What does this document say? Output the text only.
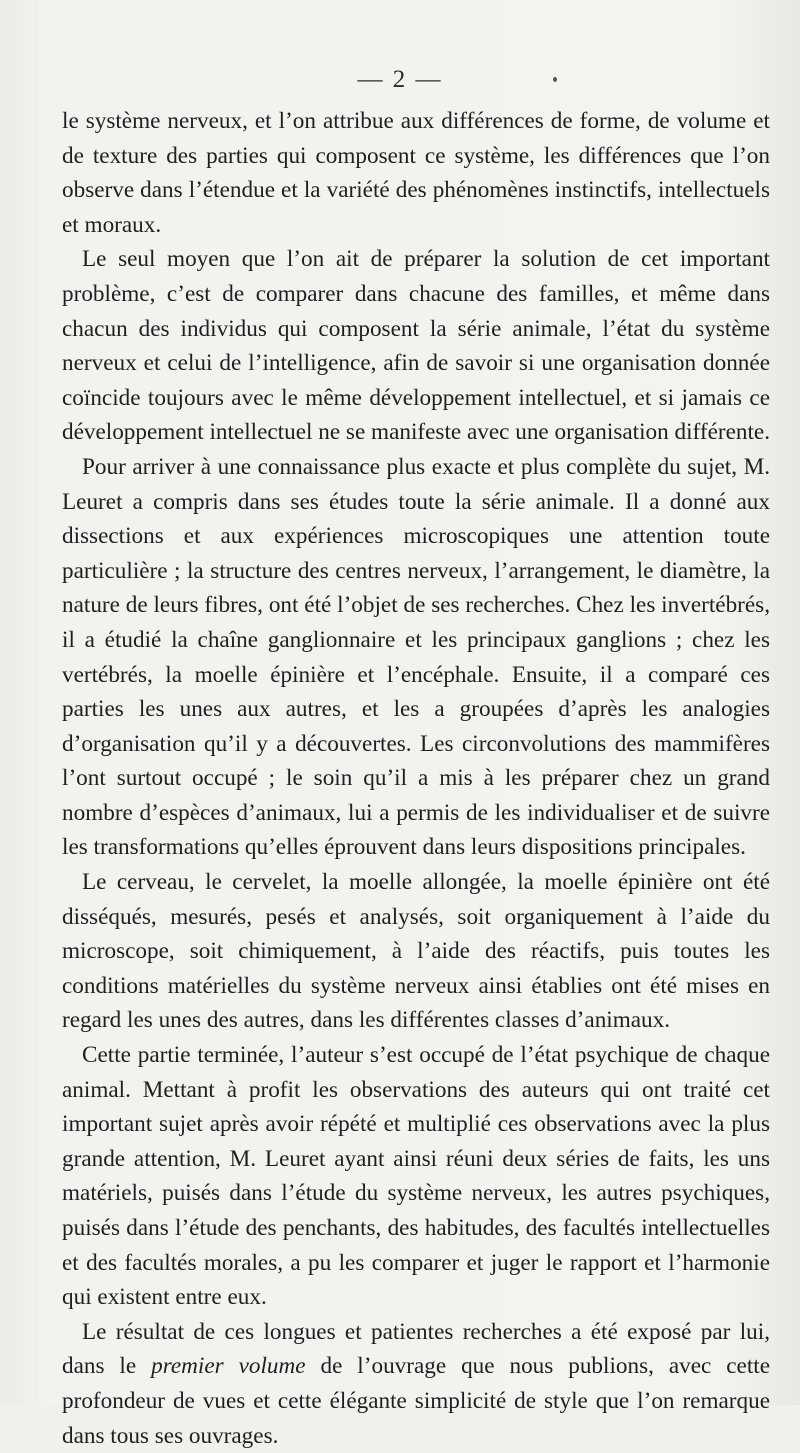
— 2 —

le système nerveux, et l’on attribue aux différences de forme, de volume et de texture des parties qui composent ce système, les différences que l’on observe dans l’étendue et la variété des phénomènes instinctifs, intellectuels et moraux.

Le seul moyen que l’on ait de préparer la solution de cet important problème, c’est de comparer dans chacune des familles, et même dans chacun des individus qui composent la série animale, l’état du système nerveux et celui de l’intelligence, afin de savoir si une organisation donnée coïncide toujours avec le même développement intellectuel, et si jamais ce développement intellectuel ne se manifeste avec une organisation différente.

Pour arriver à une connaissance plus exacte et plus complète du sujet, M. Leuret a compris dans ses études toute la série animale. Il a donné aux dissections et aux expériences microscopiques une attention toute particulière ; la structure des centres nerveux, l’arrangement, le diamètre, la nature de leurs fibres, ont été l’objet de ses recherches. Chez les invertébrés, il a étudié la chaîne ganglionnaire et les principaux ganglions ; chez les vertébrés, la moelle épinière et l’encéphale. Ensuite, il a comparé ces parties les unes aux autres, et les a groupées d’après les analogies d’organisation qu’il y a découvertes. Les circonvolutions des mammifères l’ont surtout occupé ; le soin qu’il a mis à les préparer chez un grand nombre d’espèces d’animaux, lui a permis de les individualiser et de suivre les transformations qu’elles éprouvent dans leurs dispositions principales.

Le cerveau, le cervelet, la moelle allongée, la moelle épinière ont été disséqués, mesurés, pesés et analysés, soit organiquement à l’aide du microscope, soit chimiquement, à l’aide des réactifs, puis toutes les conditions matérielles du système nerveux ainsi établies ont été mises en regard les unes des autres, dans les différentes classes d’animaux.

Cette partie terminée, l’auteur s’est occupé de l’état psychique de chaque animal. Mettant à profit les observations des auteurs qui ont traité cet important sujet après avoir répété et multiplié ces observations avec la plus grande attention, M. Leuret ayant ainsi réuni deux séries de faits, les uns matériels, puisés dans l’étude du système nerveux, les autres psychiques, puisés dans l’étude des penchants, des habitudes, des facultés intellectuelles et des facultés morales, a pu les comparer et juger le rapport et l’harmonie qui existent entre eux.

Le résultat de ces longues et patientes recherches a été exposé par lui, dans le premier volume de l’ouvrage que nous publions, avec cette profondeur de vues et cette élégante simplicité de style que l’on remarque dans tous ses ouvrages.
